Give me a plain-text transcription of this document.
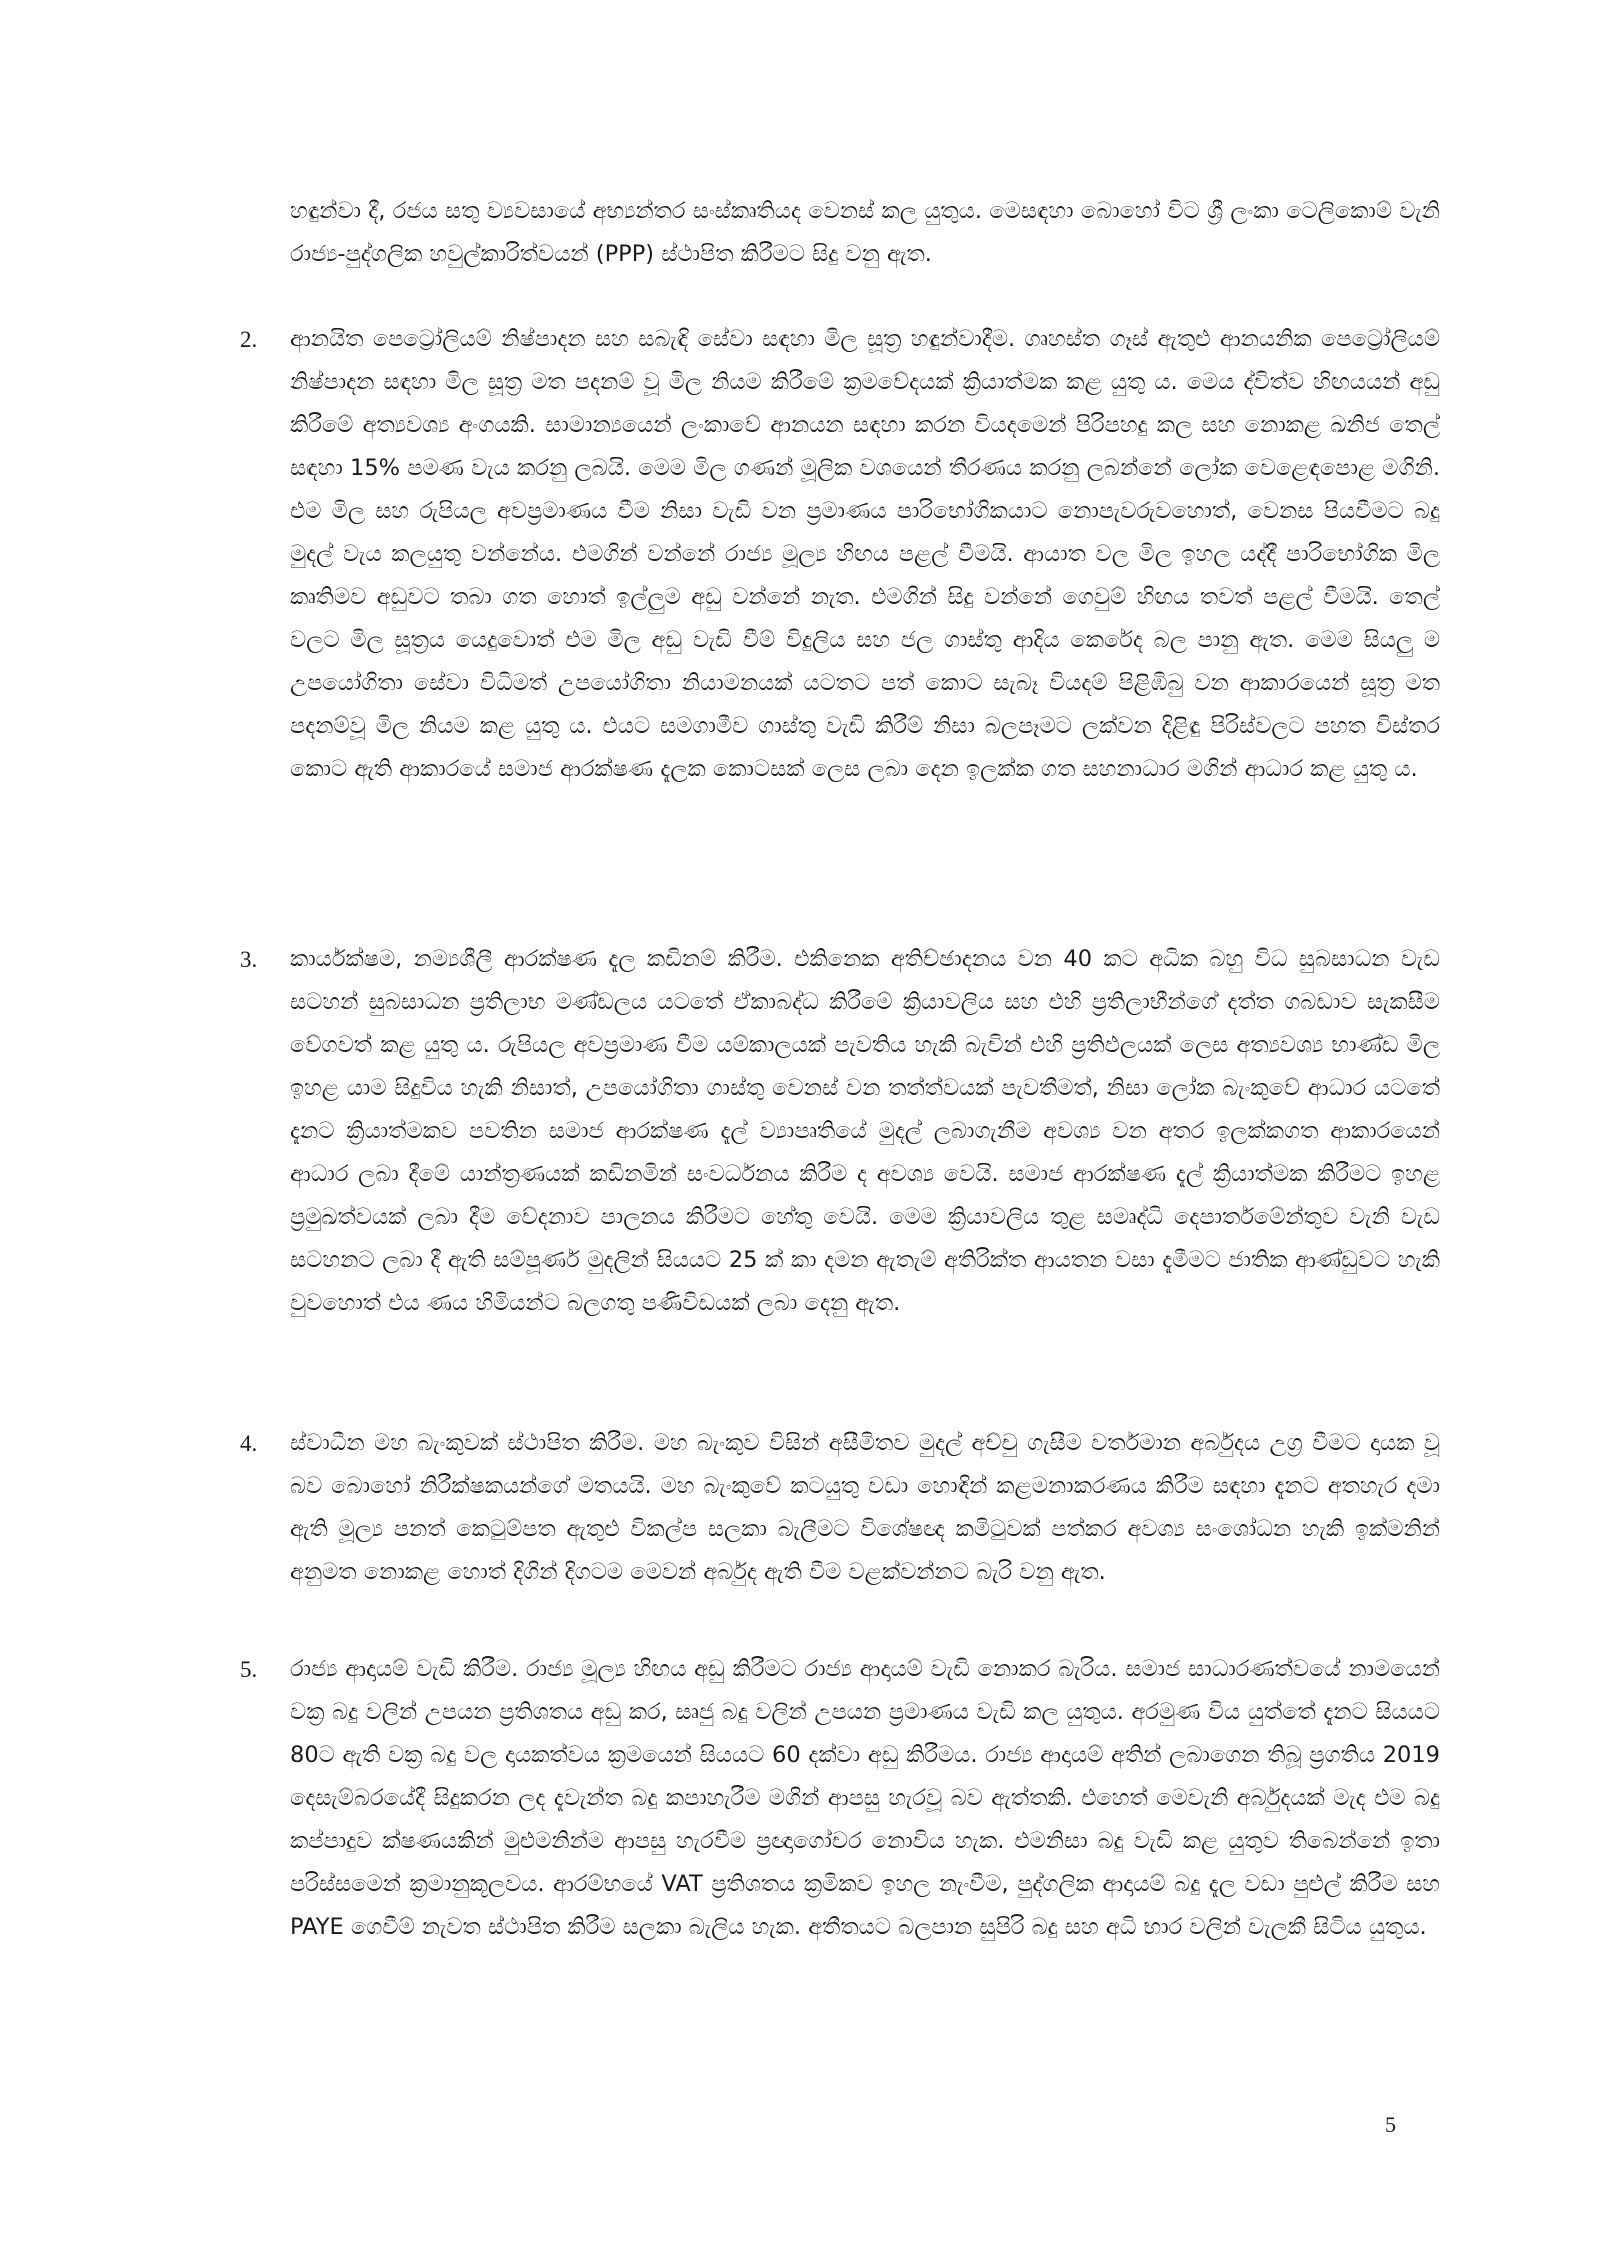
හඳුන්වා දී, රජය සතු ව්‍යවසායේ අභ්‍යන්තර සංස්කෘතියද වෙනස් කල යුතුය. මෙසඳහා බොහෝ විට ශ්‍රී ලංකා ටෙලිකොම් වැනි රාජ්‍ය-පුද්ගලික හවුල්කාරිත්වයන් (PPP) ස්ථාපිත කිරීමට සිදු වනු ඇත.

2.	ආනයිත පෙට්‍රෝලියම් නිෂ්පාදන සහ සබැඳි සේවා සඳහා මිල සූත්‍ර හඳුන්වාදීම. ගෘහස්ත ගෑස් ඇතුළු ආනයනික පෙට්‍රෝලියම් නිෂ්පාදන සඳහා මිල සූත්‍ර මත පදනම් වූ මිල නියම කිරීමේ ක්‍රමවේදයක් ක්‍රියාත්මක කළ යුතු ය. මෙය ද්විත්ව හිඟයයන් අඩු කිරීමේ අත්‍යවශ්‍ය අංගයකි. සාමාන්‍යයෙන් ලංකාවේ ආනයන සඳහා කරන වියදමෙන් පිරිපහදු කල සහ නොකළ ඛනිජ තෙල් සඳහා 15% පමණ වැය කරනු ලබයි. මෙම මිල ගණන් මූලික වශයෙන් තීරණය කරනු ලබන්නේ ලෝක වෙළෙඳපොළ මගිනි. එම මිල සහ රුපියල අවප්‍රමාණය වීම නිසා වැඩි වන ප්‍රමාණය පාරිභෝගිකයාට නොපැවරුවහොත්, වෙනස පියවීමට බදු මුදල් වැය කලයුතු වන්නේය. එමගින් වන්නේ රාජ්‍ය මූල්‍ය හිඟය පළල් වීමයි. ආයාත වල මිල ඉහල යද්දී පාරිභෝගික මිල කෘතිමව අඩුවට තබා ගත හොත් ඉල්ලුම අඩු වන්නේ නැත. එමගින් සිදු වන්නේ ගෙවුම් හිඟය තවත් පළල් වීමයි. තෙල් වලට මිල සූත්‍රය යෙදුවොත් එම මිල අඩු වැඩි වීම් විදුලිය සහ ජල ගාස්තු ආදිය කෙරේද බල පානු ඇත. මෙම සියලු ම උපයෝගිතා සේවා විධිමත් උපයෝගිතා නියාමනයක් යටතට පත් කොට සැබෑ වියදම් පිළිඹිබු වන ආකාරයෙන් සූත්‍ර මත පදනම්වූ මිල නියම කළ යුතු ය. එයට සමගාමීව ගාස්තු වැඩි කිරීම් නිසා බලපෑමට ලක්වන දිළිඳු පිරිස්වලට පහත විස්තර කොට ඇති ආකාරයේ සමාජ ආරක්ෂණ දැලක කොටසක් ලෙස ලබා දෙන ඉලක්ක ගත සහනාධාර මගින් ආධාර කළ යුතු ය.

3.	කාර්යක්ෂම, නම්‍යශීලී ආරක්ෂණ දැල කඩිනම් කිරීම. එකිනෙක අතිච්ඡාදනය වන 40 කට අධික බහු විධ සුබසාධන වැඩ සටහන් සුබසාධන ප්‍රතිලාභ මණ්ඩලය යටතේ ඒකාබද්ධ කිරීමේ ක්‍රියාවලිය සහ එහි ප්‍රතිලාභීන්ගේ දත්ත ගබඩාව සැකසීම වේගවත් කළ යුතු ය. රුපියල අවප්‍රමාණ වීම යම්කාලයක් පැවතිය හැකි බැවින් එහි ප්‍රතිඵලයක් ලෙස අත්‍යවශ්‍ය භාණ්ඩ මිල ඉහළ යාම සිදුවිය හැකි නිසාත්, උපයෝගිතා ගාස්තු වෙනස් වන තත්ත්වයක් පැවතීමත්, නිසා ලෝක බැංකුවේ ආධාර යටතේ දැනට ක්‍රියාත්මකව පවතින සමාජ ආරක්ෂණ දැල් ව්‍යාපෘතියේ මුදල් ලබාගැනීම අවශ්‍ය වන අතර ඉලක්කගත ආකාරයෙන් ආධාර ලබා දීමේ යාන්ත්‍රණයක් කඩිනමින් සංවර්ධනය කිරීම ද අවශ්‍ය වෙයි. සමාජ ආරක්ෂණ දැල් ක්‍රියාත්මක කිරීමට ඉහළ ප්‍රමුඛත්වයක් ලබා දීම වේදනාව පාලනය කිරීමට හේතු වෙයි. මෙම ක්‍රියාවලිය තුළ සමෘද්ධි දෙපාර්තමේන්තුව වැනි වැඩ සටහනට ලබා දී ඇති සම්පූර්ණ මුදලින් සියයට 25 ක් කා දමන ඇතැම් අතිරික්ත ආයතන වසා දැමීමට ජාතික ආණ්ඩුවට හැකි වුවහොත් එය ණය හිමියන්ට බලගතු පණිවිඩයක් ලබා දෙනු ඇත.

4.	ස්වාධීන මහ බැංකුවක් ස්ථාපිත කිරීම. මහ බැංකුව විසින් අසීමිතව මුදල් අච්චු ගැසීම වර්තමාන අර්බුදය උග්‍ර වීමට දායක වූ බව බොහෝ නිරීක්ෂකයන්ගේ මතයයි. මහ බැංකුවේ කටයුතු වඩා හොඳින් කළමනාකරණය කිරීම සඳහා දැනට අතහැර දමා ඇති මූල්‍ය පනත් කෙටුම්පත ඇතුළු විකල්ප සලකා බැලීමට විශේෂඥ කමිටුවක් පත්කර අවශ්‍ය සංශෝධන හැකි ඉක්මනින් අනුමත නොකළ හොත් දිගින් දිගටම මෙවන් අර්බුද ඇති වීම වළක්වන්නට බැරි වනු ඇත.

5.	රාජ්‍ය ආදායම් වැඩි කිරීම. රාජ්‍ය මූල්‍ය හිඟය අඩු කිරීමට රාජ්‍ය ආදායම් වැඩි නොකර බැරිය. සමාජ සාධාරණත්වයේ නාමයෙන් වක්‍ර බදු වලින් උපයන ප්‍රතිශතය අඩු කර, සෘජු බදු වලින් උපයන ප්‍රමාණය වැඩි කල යුතුය. අරමුණ විය යුත්තේ දැනට සියයට 80ට ඇති වක්‍ර බදු වල දායකත්වය ක්‍රමයෙන් සියයට 60 දක්වා අඩු කිරීමය. රාජ්‍ය ආදායම් අතින් ලබාගෙන තිබූ ප්‍රගතිය 2019 දෙසැම්බරයේදී සිදුකරන ලද දැවැන්ත බදු කපාහැරීම මගින් ආපසු හැරවූ බව ඇත්තකි. එහෙත් මෙවැනි අර්බුදයක් මැද එම බදු කප්පාදුව ක්ෂණයකින් මුළුමනින්ම ආපසු හැරවීම ප්‍රඥාගෝචර නොවිය හැක. එමනිසා බදු වැඩි කළ යුතුව තිබෙන්නේ ඉතා පරිස්සමෙන් ක්‍රමානුකූලවය. ආරම්භයේ VAT ප්‍රතිශතය ක්‍රමිකව ඉහල නැංවීම, පුද්ගලික ආදායම් බදු දැල වඩා පුළුල් කිරීම සහ PAYE ගෙවීම් නැවත ස්ථාපිත කිරීම සලකා බැලිය හැක. අතීතයට බලපාන සුපිරි බදු සහ අධි භාර වලින් වැලකී සිටිය යුතුය.

5
